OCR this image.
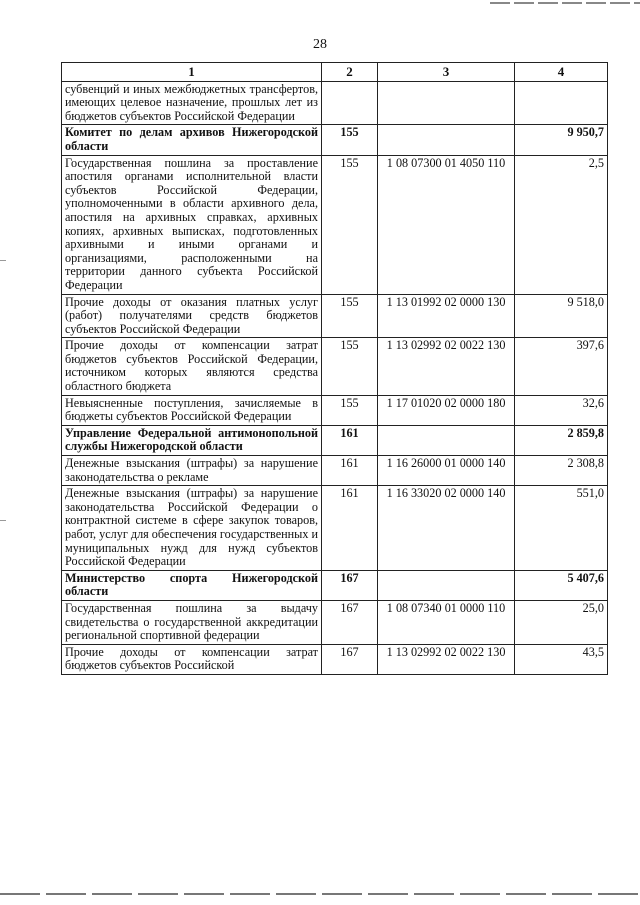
28
1	2	3	4
субвенций и иных межбюджетных трансфертов, имеющих целевое назначение, прошлых лет из бюджетов субъектов Российской Федерации			
Комитет по делам архивов Нижегородской области	155		9 950,7
Государственная пошлина за проставление апостиля органами исполнительной власти субъектов Российской Федерации, уполномоченными в области архивного дела, апостиля на архивных справках, архивных копиях, архивных выписках, подготовленных архивными и иными органами и организациями, расположенными на территории данного субъекта Российской Федерации	155	1 08 07300 01 4050 110	2,5
Прочие доходы от оказания платных услуг (работ) получателями средств бюджетов субъектов Российской Федерации	155	1 13 01992 02 0000 130	9 518,0
Прочие доходы от компенсации затрат бюджетов субъектов Российской Федерации, источником которых являются средства областного бюджета	155	1 13 02992 02 0022 130	397,6
Невыясненные поступления, зачисляемые в бюджеты субъектов Российской Федерации	155	1 17 01020 02 0000 180	32,6
Управление Федеральной антимонопольной службы Нижегородской области	161		2 859,8
Денежные взыскания (штрафы) за нарушение законодательства о рекламе	161	1 16 26000 01 0000 140	2 308,8
Денежные взыскания (штрафы) за нарушение законодательства Российской Федерации о контрактной системе в сфере закупок товаров, работ, услуг для обеспечения государственных и муниципальных нужд для нужд субъектов Российской Федерации	161	1 16 33020 02 0000 140	551,0
Министерство спорта Нижегородской области	167		5 407,6
Государственная пошлина за выдачу свидетельства о государственной аккредитации региональной спортивной федерации	167	1 08 07340 01 0000 110	25,0
Прочие доходы от компенсации затрат бюджетов субъектов Российской	167	1 13 02992 02 0022 130	43,5
